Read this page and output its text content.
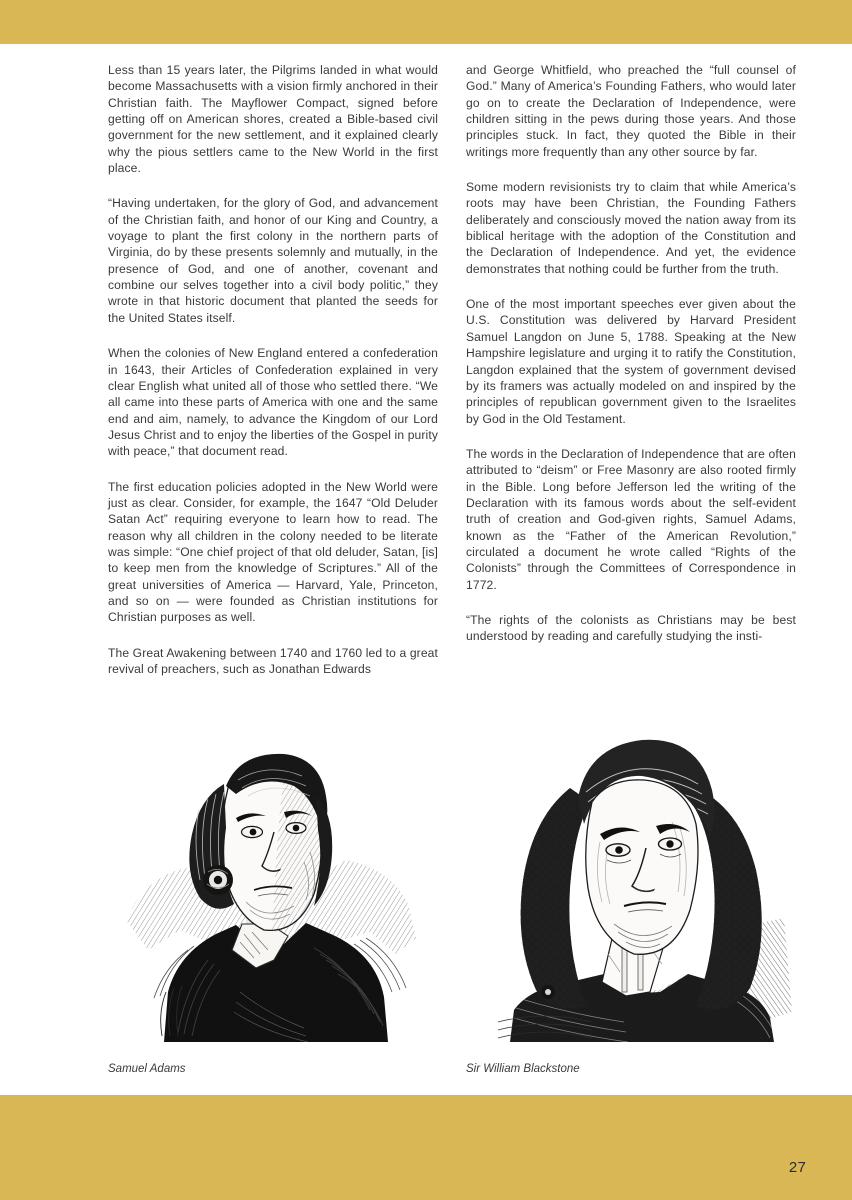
Less than 15 years later, the Pilgrims landed in what would become Massachusetts with a vision firmly anchored in their Christian faith. The Mayflower Compact, signed before getting off on American shores, created a Bible-based civil government for the new settlement, and it explained clearly why the pious settlers came to the New World in the first place.

“Having undertaken, for the glory of God, and advancement of the Christian faith, and honor of our King and Country, a voyage to plant the first colony in the northern parts of Virginia, do by these presents solemnly and mutually, in the presence of God, and one of another, covenant and combine our selves together into a civil body politic,” they wrote in that historic document that planted the seeds for the United States itself.

When the colonies of New England entered a confederation in 1643, their Articles of Confederation explained in very clear English what united all of those who settled there. “We all came into these parts of America with one and the same end and aim, namely, to advance the Kingdom of our Lord Jesus Christ and to enjoy the liberties of the Gospel in purity with peace,” that document read.

The first education policies adopted in the New World were just as clear. Consider, for example, the 1647 “Old Deluder Satan Act” requiring everyone to learn how to read. The reason why all children in the colony needed to be literate was simple: “One chief project of that old deluder, Satan, [is] to keep men from the knowledge of Scriptures.” All of the great universities of America — Harvard, Yale, Princeton, and so on — were founded as Christian institutions for Christian purposes as well.

The Great Awakening between 1740 and 1760 led to a great revival of preachers, such as Jonathan Edwards

and George Whitfield, who preached the “full counsel of God.” Many of America’s Founding Fathers, who would later go on to create the Declaration of Independence, were children sitting in the pews during those years. And those principles stuck. In fact, they quoted the Bible in their writings more frequently than any other source by far.

Some modern revisionists try to claim that while America’s roots may have been Christian, the Founding Fathers deliberately and consciously moved the nation away from its biblical heritage with the adoption of the Constitution and the Declaration of Independence. And yet, the evidence demonstrates that nothing could be further from the truth.

One of the most important speeches ever given about the U.S. Constitution was delivered by Harvard President Samuel Langdon on June 5, 1788. Speaking at the New Hampshire legislature and urging it to ratify the Constitution, Langdon explained that the system of government devised by its framers was actually modeled on and inspired by the principles of republican government given to the Israelites by God in the Old Testament.

The words in the Declaration of Independence that are often attributed to “deism” or Free Masonry are also rooted firmly in the Bible. Long before Jefferson led the writing of the Declaration with its famous words about the self-evident truth of creation and God-given rights, Samuel Adams, known as the “Father of the American Revolution,” circulated a document he wrote called “Rights of the Colonists” through the Committees of Correspondence in 1772.

“The rights of the colonists as Christians may be best understood by reading and carefully studying the insti-

Samuel Adams	Sir William Blackstone
27
